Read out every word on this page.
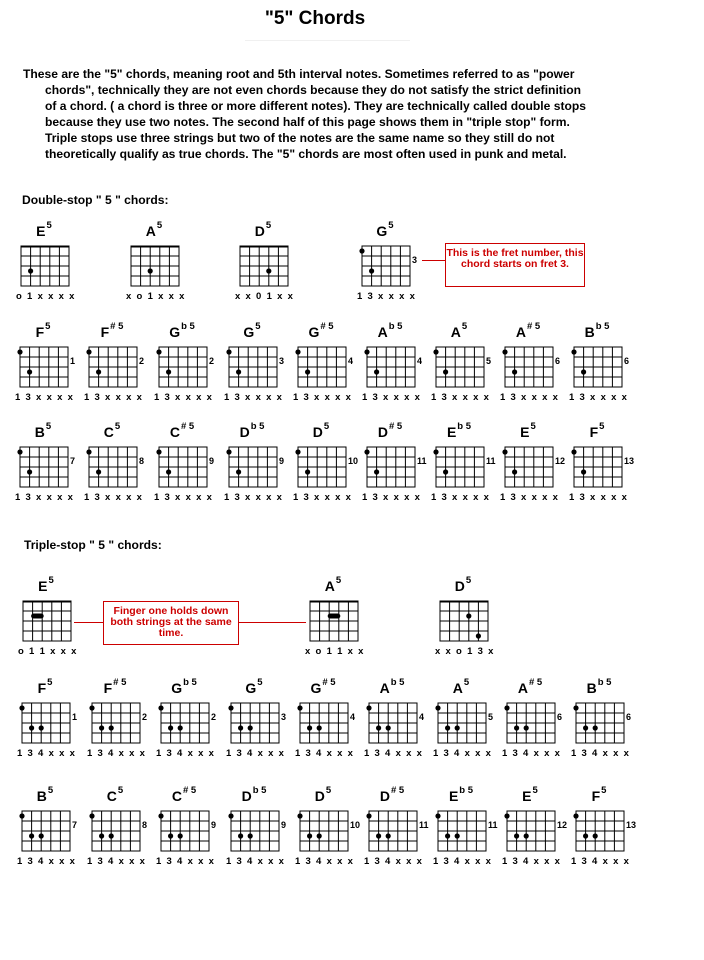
"5" Chords
These are the "5" chords, meaning root and 5th interval notes. Sometimes referred to as "power
chords", technically they are not even chords because they do not satisfy the strict definition
of a chord. ( a chord is three or more different notes). They are technically called double stops
because they use two notes. The second half of this page shows them in "triple stop" form.
Triple stops use three strings but two of the notes are the same name so they still do not
theoretically qualify as true chords. The "5" chords are most often used in punk and metal.
Double-stop " 5 " chords:
Triple-stop " 5 " chords:
$E^5$
o 1 x x x x
$A^5$
x o 1 x x x
$D^5$
x x 0 1 x x
$G^5$
3
1 3 x x x x
$F^5$
1
1 3 x x x x
$F^{\# 5}$
2
1 3 x x x x
$G^{b 5}$
2
1 3 x x x x
$G^5$
3
1 3 x x x x
$G^{\# 5}$
4
1 3 x x x x
$A^{b 5}$
4
1 3 x x x x
$A^5$
5
1 3 x x x x
$A^{\# 5}$
6
1 3 x x x x
$B^{b 5}$
6
1 3 x x x x
$B^5$
7
1 3 x x x x
$C^5$
8
1 3 x x x x
$C^{\# 5}$
9
1 3 x x x x
$D^{b 5}$
9
1 3 x x x x
$D^5$
10
1 3 x x x x
$D^{\# 5}$
11
1 3 x x x x
$E^{b 5}$
11
1 3 x x x x
$E^5$
12
1 3 x x x x
$F^5$
13
1 3 x x x x
$E^5$
o 1 1 x x x
$A^5$
x o 1 1 x x
$D^5$
x x o 1 3 x
$F^5$
1
1 3 4 x x x
$F^{\# 5}$
2
1 3 4 x x x
$G^{b 5}$
2
1 3 4 x x x
$G^5$
3
1 3 4 x x x
$G^{\# 5}$
4
1 3 4 x x x
$A^{b 5}$
4
1 3 4 x x x
$A^5$
5
1 3 4 x x x
$A^{\# 5}$
6
1 3 4 x x x
$B^{b 5}$
6
1 3 4 x x x
$B^5$
7
1 3 4 x x x
$C^5$
8
1 3 4 x x x
$C^{\# 5}$
9
1 3 4 x x x
$D^{b 5}$
9
1 3 4 x x x
$D^5$
10
1 3 4 x x x
$D^{\# 5}$
11
1 3 4 x x x
$E^{b 5}$
11
1 3 4 x x x
$E^5$
12
1 3 4 x x x
$F^5$
13
1 3 4 x x x
This is the fret number, this chord starts on fret 3.
Finger one holds down both strings at the same time.
